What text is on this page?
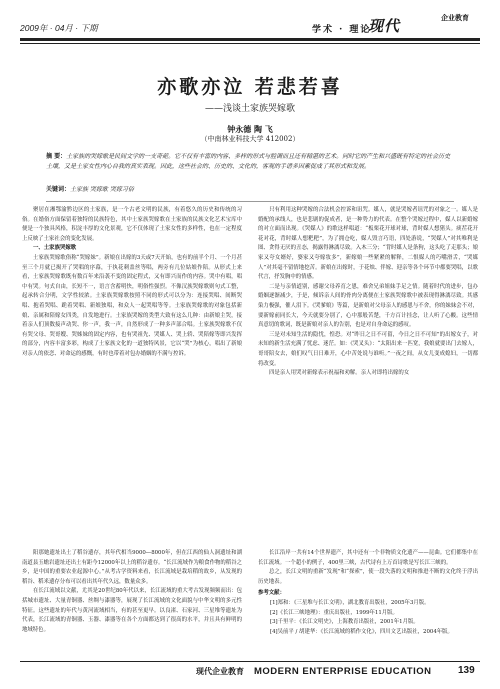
2009年 · 04月 · 下期	学术 · 理论
现代	企业教育
亦歌亦泣 若悲若喜
——浅谈土家族哭嫁歌
钟永德 陶 飞
（中南林业科技大学 412002）
摘 要：土家族的哭嫁歌是民间文学的一支奇葩。它不仅有丰富的内容、多样的形式与腔调而且还有精湛的艺术。同时它的产生和兴盛既有特定的社会历史土壤，又是土家女性内心自我的真实表现。因此，这些社会的、历史的、文化的，客观的手谱多因素促成了其形式和发展。
关键词：土家族 哭嫁歌 哭嫁习俗

聚居在湘鄂渝黔边区的土家族，是一个古老文明的民族，有着悠久的历史和传统的习俗。在婚俗方面保留着独特的民族特色，其中土家族哭嫁歌在土家族的民族文化艺术宝库中便是一个独具风格，积淀丰厚的文化景观，它不仅体现了土家女性的多样性，也在一定程度上反映了土家社会的变化发展。

一、土家族哭嫁歌

土家族哭嫁歌俗称“哭嫁妹”。新娘在出嫁的3天或7天开始，也有的前半个月、一个月甚至三个月就已揭开了哭唱的序幕，于执花刺盖丝等唱，两旁有几位姑娘作陪。从形式上来看，土家族哭嫁歌既有数百年来沿袭不变的固定程式，又有即兴而作的内容。哭中有唱，唱中有哭。句式自由，长短不一，语言含蓄明快，明俗性强烈。不像汉族哭嫁歌则句式工整，起承转合分明，文学性较浓。土家族哭嫁歌按照不同的形式可以分为：连接哭唱、间断哭唱、抱着哭唱、跪着哭唱、新娘独唱，和众人一起哭唱等等。土家族哭嫁歌的对象包括新娘、亲属和陪嫁女四类，自发地进行。土家族哭嫁的类型大致有这么几种：由新娘主哭，接着亲人们顶数接声动哭、你一声，我一声，自然形成了一种多声部合唱。土家族哭嫁歌不仅有哭父母、哭哥嫂、哭姊妹的固定内容，也有哭祖先、哭媒人、哭上轿、哭陪嫁等即兴发挥的部分，内容丰富多彩，构成了土家族文化的一道独特风景，它以“哭”为核心，唱出了新娘对亲人的依恋、对命运的感慨，有时也带着对包办婚姻的不满与控诉。

只有利用这种哭嫁的合法机会控诉和诅咒。媒人，就是哭嫁者诅咒的对象之一。媒人是婚配的承线人，也是悲剧的促成者，是一种势力的代表。在整个哭嫁过程中，媒人以新婚嫁的对立面而出现。《哭媒人》的歌这样唱道：“板栗花开球对球，背时媒人想猪头。痰茬花开花对花，背时媒人想粑粑”，为了拥仓吃，媒人毁言巧语，四处游说，“哭媒人”对其唯利是图、贪得无厌的丑态，揭露得淋漓尽致。入木三分；“背时媒人是条狗，这头吃了走那头；娘家又夸女婿好，婆家又夸嫁妆多”，新嫁娘一些紧紧的解释，二恨媒人的巧嘴滑舌，“哭媒人”对其毫不留情地挖苦。新娘在出嫁时，于花烛、伴嫁、迎亲等各个环节中都要哭唱，以歌代言，抒发胸中的情感。

二是与亲情道别，感谢父母养育之恩，难舍兄弟姐妹手足之情。随着时代的进步，包办婚姻逐渐减少，于是，倾诉亲人间的骨肉分离便在土家族哭嫁歌中被表现得淋漓尽致。其感染力极强，催人泪下。《哭爹娘》等篇，是新娘对父母亲人的感恩与不舍，你的妹妹会不对，要新嫁前同长大，今天就要分别了，心中那般苦楚，千方百计挂念，让人听了心酸。这些情真意切的歌词，既是新娘对亲人的告别，也是对自身命运的感叹。

三是对未知生活的隐忧，惶恐。对“昨日之日不可留，今日之日不可知”的出嫁女子，对未知的新生活充满了忧虑、迷茫。如：《哭叉头》：“太阳出来一匹宽，我娘就要出门去嫁人，哥哥陪女去，娘们叹气日日难开，心中苦处说与谁听。”一夜之间，从女儿变成媳妇，一切都将改变。

四是亲人用哭对新嫁表示祝福和劝解。亲人对即将出嫁的女

阳那她遗址出土了稻谷遗存，其年代相当9000—8000年，但在江西的仙人洞遗址和湖南道县玉蟾岩遗址还出土有距今12000年以上的稻谷遗存。“长江流域作为粮食作物的稻谷之乡，是中国的重要农业起源中心。”从考古学资料来看，长江流域是栽培稻的故乡，从发现的稻谷、稻米遗存分布可以看出其年代久远，数量众多。

在长江流域以文献，尤其是20世纪80年代以来，长江流域的重大考古发现频频而出：包括城市遗址、大量青铜器、丝绸与漆器等，展现了长江流域的文化面貌与中华文明的多元性特征。这些遗址的年代与黄河流域相当，有的甚至更早。以良渚、石家河、三星堆等遗址为代表，长江流域的青铜器、玉器、漆器等在各个方面都达到了很高的水平，并且具有鲜明的地域特色。

长江沿岸一共有14个世界遗产，其中还有一个非物质文化遗产——昆曲。它们都集中在长江流域。一个超小的例子，400里三峡，古代诗有上万首诗歌是写长江三峡的。

总之，长江文明的重新“发现”和“探索”，使一段失落的文明和推进不断的文化终于浮出历史地表。

参考文献：

[1]郑和：《三星堆与长江文明》，湖北教育出版社，2005年3月版。

[2]《长江三峡地理》：重庆出版社，1999年11月版。

[3]千里平：《长江文明史》，上海教育出版社，2001年1月版。

[4]吴前平 / 胡建华：《长江流域的稻作文化》，四川文艺出版社，2004年版。

现代企业教育 MODERN ENTERPRISE EDUCATION	139
